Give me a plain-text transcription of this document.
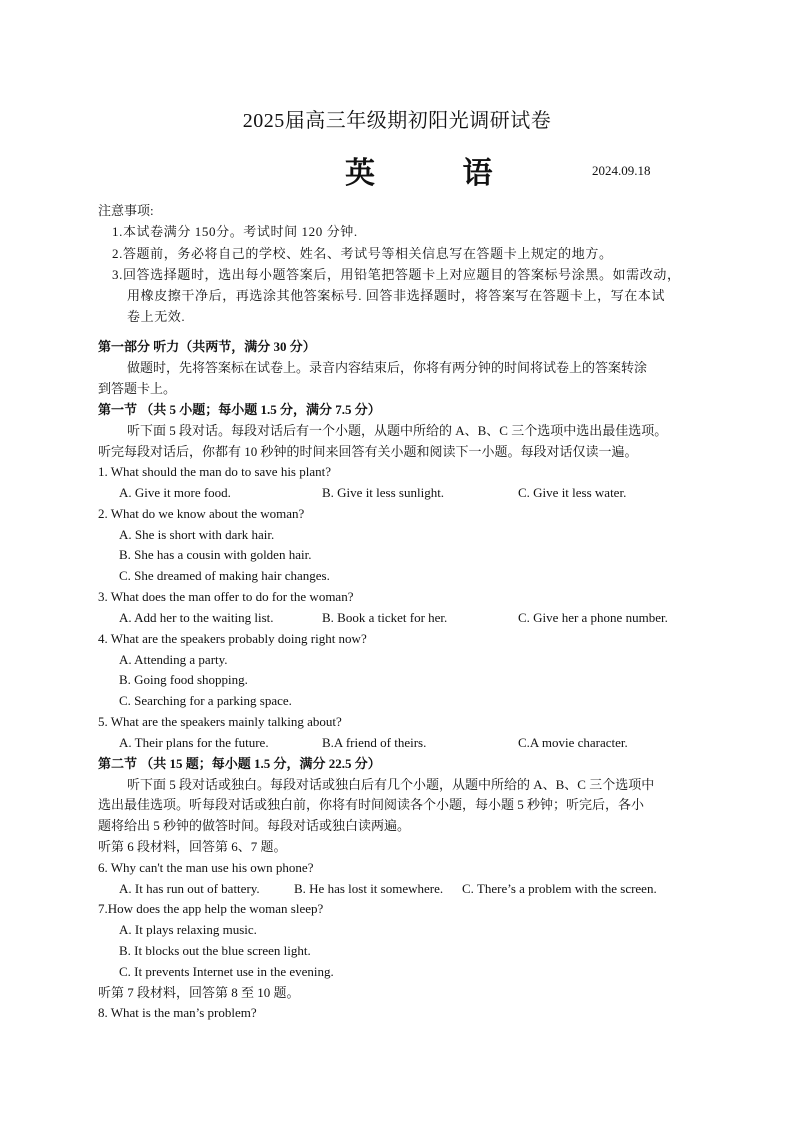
2025届高三年级期初阳光调研试卷
英 语	2024.09.18
注意事项:
1.本试卷满分 150分。考试时间 120 分钟.
2.答题前，务必将自己的学校、姓名、考试号等相关信息写在答题卡上规定的地方。
3.回答选择题时，选出每小题答案后，用铅笔把答题卡上对应题目的答案标号涂黑。如需改动，
用橡皮擦干净后，再选涂其他答案标号. 回答非选择题时，将答案写在答题卡上，写在本试
卷上无效.
第一部分 听力（共两节，满分 30 分）
做题时，先将答案标在试卷上。录音内容结束后，你将有两分钟的时间将试卷上的答案转涂
到答题卡上。
第一节 （共 5 小题；每小题 1.5 分，满分 7.5 分）
听下面 5 段对话。每段对话后有一个小题，从题中所给的 A、B、C 三个选项中选出最佳选项。
听完每段对话后，你都有 10 秒钟的时间来回答有关小题和阅读下一小题。每段对话仅读一遍。
1. What should the man do to save his plant?
A. Give it more food.	B. Give it less sunlight.	C. Give it less water.
2. What do we know about the woman?
A. She is short with dark hair.
B. She has a cousin with golden hair.
C. She dreamed of making hair changes.
3. What does the man offer to do for the woman?
A. Add her to the waiting list.	B. Book a ticket for her.	C. Give her a phone number.
4. What are the speakers probably doing right now?
A. Attending a party.
B. Going food shopping.
C. Searching for a parking space.
5. What are the speakers mainly talking about?
A. Their plans for the future.	B.A friend of theirs.	C.A movie character.
第二节 （共 15 题；每小题 1.5 分，满分 22.5 分）
听下面 5 段对话或独白。每段对话或独白后有几个小题，从题中所给的 A、B、C 三个选项中
选出最佳选项。听每段对话或独白前，你将有时间阅读各个小题，每小题 5 秒钟；听完后，各小
题将给出 5 秒钟的做答时间。每段对话或独白读两遍。
听第 6 段材料，回答第 6、7 题。
6. Why can't the man use his own phone?
A. It has run out of battery.	B. He has lost it somewhere. C. There’s a problem with the screen.
7.How does the app help the woman sleep?
A. It plays relaxing music.
B. It blocks out the blue screen light.
C. It prevents Internet use in the evening.
听第 7 段材料，回答第 8 至 10 题。
8. What is the man’s problem?
